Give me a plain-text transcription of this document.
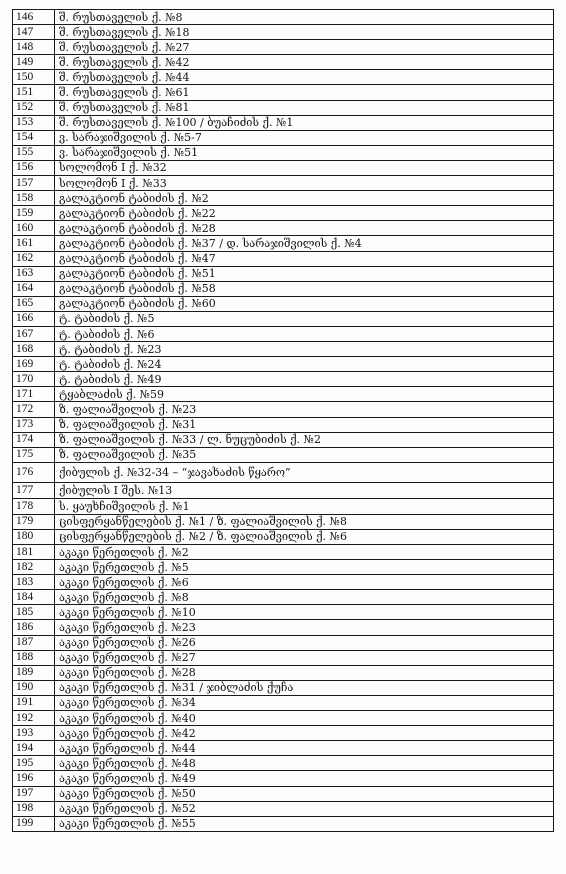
146	შ. რუსთაველის ქ. №8
147	შ. რუსთაველის ქ. №18
148	შ. რუსთაველის ქ. №27
149	შ. რუსთაველის ქ. №42
150	შ. რუსთაველის ქ. №44
151	შ. რუსთაველის ქ. №61
152	შ. რუსთაველის ქ. №81
153	შ. რუსთაველის ქ. №100 / ბუაჩიძის ქ. №1
154	ვ. სარაჯიშვილის ქ. №5-7
155	ვ. სარაჯიშვილის ქ. №51
156	სოლომონ I ქ. №32
157	სოლომონ I ქ. №33
158	გალაკტიონ ტაბიძის ქ. №2
159	გალაკტიონ ტაბიძის ქ. №22
160	გალაკტიონ ტაბიძის ქ. №28
161	გალაკტიონ ტაბიძის ქ. №37 / დ. სარაჯიშვილის ქ. №4
162	გალაკტიონ ტაბიძის ქ. №47
163	გალაკტიონ ტაბიძის ქ. №51
164	გალაკტიონ ტაბიძის ქ. №58
165	გალაკტიონ ტაბიძის ქ. №60
166	ტ. ტაბიძის ქ. №5
167	ტ. ტაბიძის ქ. №6
168	ტ. ტაბიძის ქ. №23
169	ტ. ტაბიძის ქ. №24
170	ტ. ტაბიძის ქ. №49
171	ტყაბლაძის ქ. №59
172	ზ. ფალიაშვილის ქ. №23
173	ზ. ფალიაშვილის ქ. №31
174	ზ. ფალიაშვილის ქ. №33 / ლ. ნუცუბიძის ქ. №2
175	ზ. ფალიაშვილის ქ. №35
176	ქიბულის ქ. №32-34 – “ჯავახაძის წყარო”
177	ქიბულის I შეს. №13
178	ს. ყაუხჩიშვილის ქ. №1
179	ცისფერყანწელების ქ. №1 / ზ. ფალიაშვილის ქ. №8
180	ცისფერყანწელების ქ. №2 / ზ. ფალიაშვილის ქ. №6
181	აკაკი წერეთლის ქ. №2
182	აკაკი წერეთლის ქ. №5
183	აკაკი წერეთლის ქ. №6
184	აკაკი წერეთლის ქ. №8
185	აკაკი წერეთლის ქ. №10
186	აკაკი წერეთლის ქ. №23
187	აკაკი წერეთლის ქ. №26
188	აკაკი წერეთლის ქ. №27
189	აკაკი წერეთლის ქ. №28
190	აკაკი წერეთლის ქ. №31 / ჯიბლაძის ქუჩა
191	აკაკი წერეთლის ქ. №34
192	აკაკი წერეთლის ქ. №40
193	აკაკი წერეთლის ქ. №42
194	აკაკი წერეთლის ქ. №44
195	აკაკი წერეთლის ქ. №48
196	აკაკი წერეთლის ქ. №49
197	აკაკი წერეთლის ქ. №50
198	აკაკი წერეთლის ქ. №52
199	აკაკი წერეთლის ქ. №55
